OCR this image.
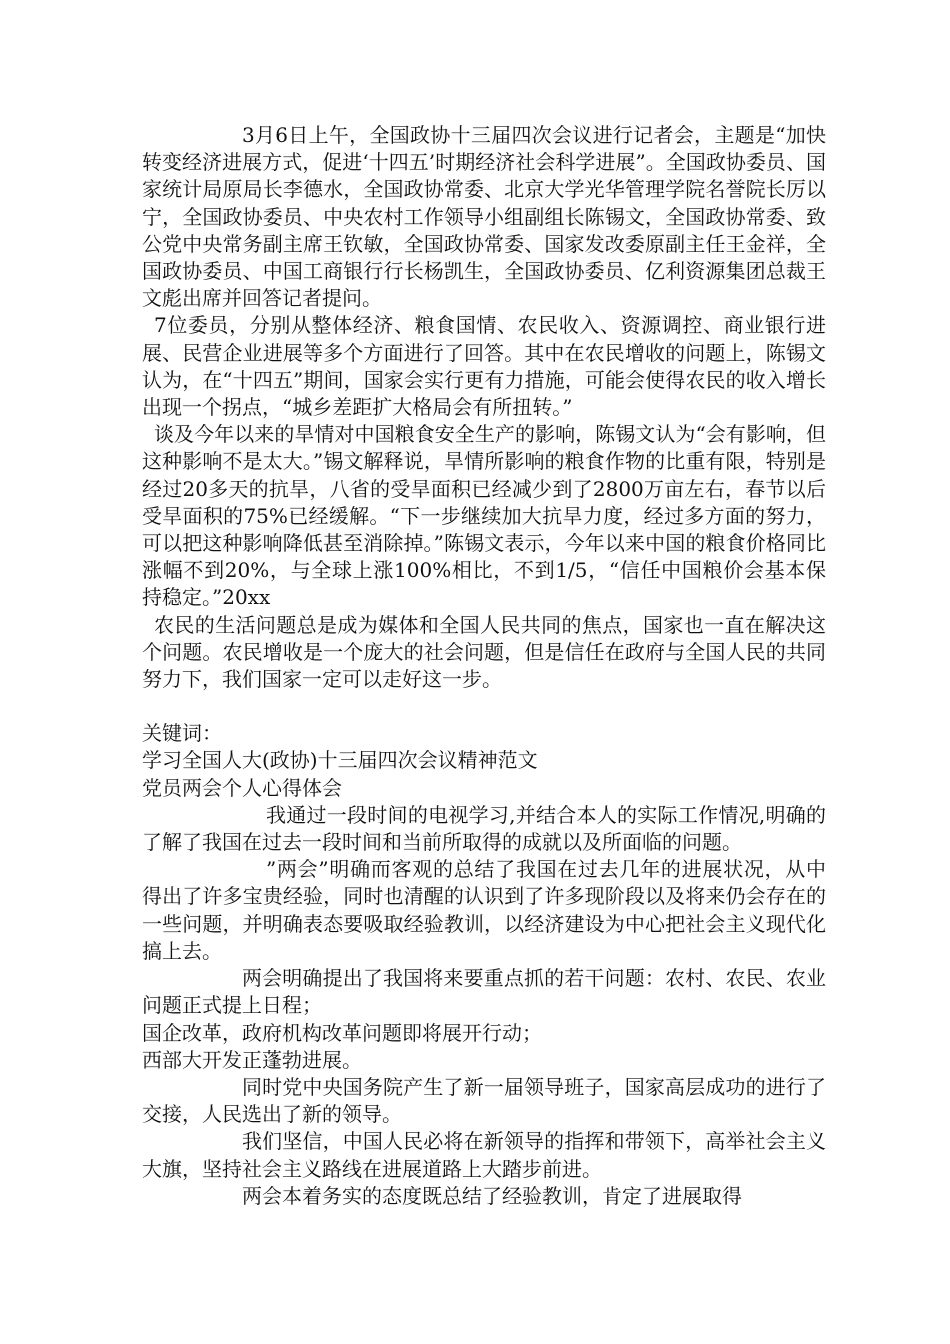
3月6日上午，全国政协十三届四次会议进行记者会，主题是“加快转变经济进展方式，促进‘十四五’时期经济社会科学进展”。全国政协委员、国家统计局原局长李德水，全国政协常委、北京大学光华管理学院名誉院长厉以宁，全国政协委员、中央农村工作领导小组副组长陈锡文，全国政协常委、致公党中央常务副主席王钦敏，全国政协常委、国家发改委原副主任王金祥，全国政协委员、中国工商银行行长杨凯生，全国政协委员、亿利资源集团总裁王文彪出席并回答记者提问。

7位委员，分别从整体经济、粮食国情、农民收入、资源调控、商业银行进展、民营企业进展等多个方面进行了回答。其中在农民增收的问题上，陈锡文认为，在“十四五”期间，国家会实行更有力措施，可能会使得农民的收入增长出现一个拐点，“城乡差距扩大格局会有所扭转。”

谈及今年以来的旱情对中国粮食安全生产的影响，陈锡文认为“会有影响，但这种影响不是太大。”锡文解释说，旱情所影响的粮食作物的比重有限，特别是经过20多天的抗旱，八省的受旱面积已经减少到了2800万亩左右，春节以后受旱面积的75%已经缓解。“下一步继续加大抗旱力度，经过多方面的努力，可以把这种影响降低甚至消除掉。”陈锡文表示，今年以来中国的粮食价格同比涨幅不到20%，与全球上涨100%相比，不到1/5，“信任中国粮价会基本保持稳定。”20xx

农民的生活问题总是成为媒体和全国人民共同的焦点，国家也一直在解决这个问题。农民增收是一个庞大的社会问题，但是信任在政府与全国人民的共同努力下，我们国家一定可以走好这一步。

关键词：

学习全国人大(政协)十三届四次会议精神范文

党员两会个人心得体会

我通过一段时间的电视学习,并结合本人的实际工作情况,明确的了解了我国在过去一段时间和当前所取得的成就以及所面临的问题。

”两会”明确而客观的总结了我国在过去几年的进展状况，从中得出了许多宝贵经验，同时也清醒的认识到了许多现阶段以及将来仍会存在的一些问题，并明确表态要吸取经验教训，以经济建设为中心把社会主义现代化搞上去。

两会明确提出了我国将来要重点抓的若干问题：农村、农民、农业问题正式提上日程；

国企改革，政府机构改革问题即将展开行动；

西部大开发正蓬勃进展。

同时党中央国务院产生了新一届领导班子，国家高层成功的进行了交接，人民选出了新的领导。

我们坚信，中国人民必将在新领导的指挥和带领下，高举社会主义大旗，坚持社会主义路线在进展道路上大踏步前进。

两会本着务实的态度既总结了经验教训，肯定了进展取得
